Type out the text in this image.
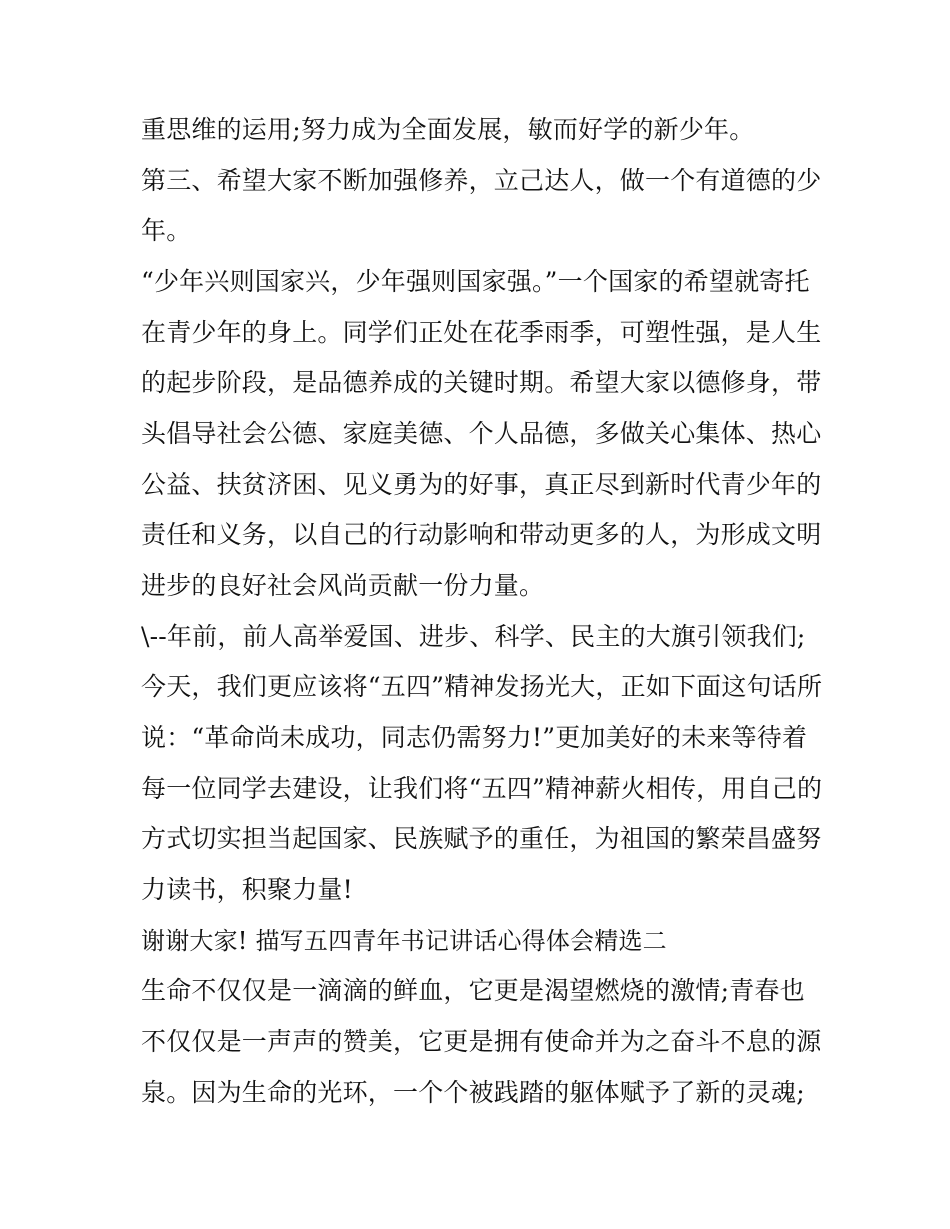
重思维的运用;努力成为全面发展，敏而好学的新少年。
第三、希望大家不断加强修养，立己达人，做一个有道德的少
年。
“少年兴则国家兴，少年强则国家强。”一个国家的希望就寄托
在青少年的身上。同学们正处在花季雨季，可塑性强，是人生
的起步阶段，是品德养成的关键时期。希望大家以德修身，带
头倡导社会公德、家庭美德、个人品德，多做关心集体、热心
公益、扶贫济困、见义勇为的好事，真正尽到新时代青少年的
责任和义务，以自己的行动影响和带动更多的人，为形成文明
进步的良好社会风尚贡献一份力量。
\--年前，前人高举爱国、进步、科学、民主的大旗引领我们;
今天，我们更应该将“五四”精神发扬光大，正如下面这句话所
说：“革命尚未成功，同志仍需努力!”更加美好的未来等待着
每一位同学去建设，让我们将“五四”精神薪火相传，用自己的
方式切实担当起国家、民族赋予的重任，为祖国的繁荣昌盛努
力读书，积聚力量!
谢谢大家! 描写五四青年书记讲话心得体会精选二
生命不仅仅是一滴滴的鲜血，它更是渴望燃烧的激情;青春也
不仅仅是一声声的赞美，它更是拥有使命并为之奋斗不息的源
泉。因为生命的光环，一个个被践踏的躯体赋予了新的灵魂;
